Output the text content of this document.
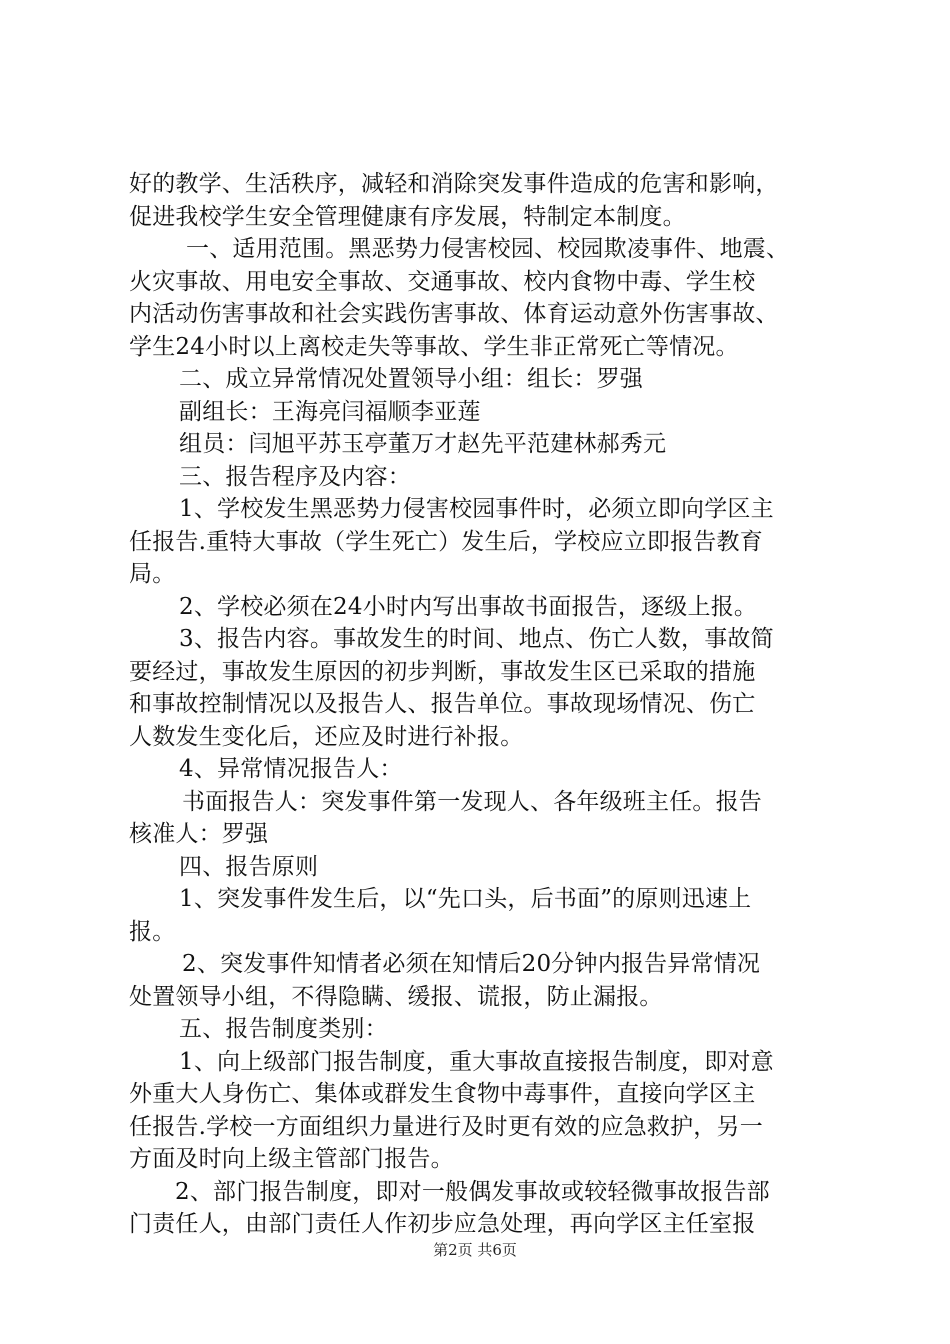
好的教学、生活秩序，减轻和消除突发事件造成的危害和影响，
促进我校学生安全管理健康有序发展，特制定本制度。
一、适用范围。黑恶势力侵害校园、校园欺凌事件、地震、
火灾事故、用电安全事故、交通事故、校内食物中毒、学生校
内活动伤害事故和社会实践伤害事故、体育运动意外伤害事故、
学生24小时以上离校走失等事故、学生非正常死亡等情况。
二、成立异常情况处置领导小组：组长：罗强
副组长：王海亮闫福顺李亚莲
组员：闫旭平苏玉亭董万才赵先平范建林郝秀元
三、报告程序及内容：
1、学校发生黑恶势力侵害校园事件时，必须立即向学区主
任报告.重特大事故（学生死亡）发生后，学校应立即报告教育
局。
2、学校必须在24小时内写出事故书面报告，逐级上报。
3、报告内容。事故发生的时间、地点、伤亡人数，事故简
要经过，事故发生原因的初步判断，事故发生区已采取的措施
和事故控制情况以及报告人、报告单位。事故现场情况、伤亡
人数发生变化后，还应及时进行补报。
4、异常情况报告人：
书面报告人：突发事件第一发现人、各年级班主任。报告
核准人：罗强
四、报告原则
1、突发事件发生后，以“先口头，后书面”的原则迅速上
报。
2、突发事件知情者必须在知情后20分钟内报告异常情况
处置领导小组，不得隐瞒、缓报、谎报，防止漏报。
五、报告制度类别：
1、向上级部门报告制度，重大事故直接报告制度，即对意
外重大人身伤亡、集体或群发生食物中毒事件，直接向学区主
任报告.学校一方面组织力量进行及时更有效的应急救护，另一
方面及时向上级主管部门报告。
2、部门报告制度，即对一般偶发事故或较轻微事故报告部
门责任人，由部门责任人作初步应急处理，再向学区主任室报
第2页 共6页
